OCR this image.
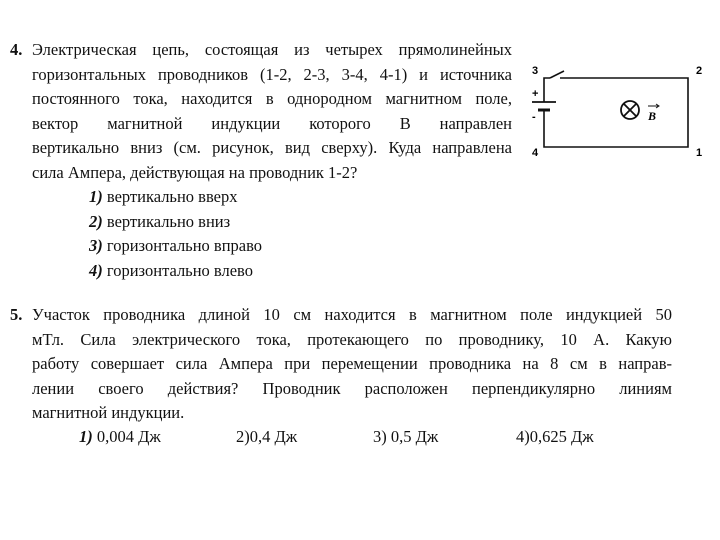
4. Электрическая цепь, состоящая из четырех прямолинейных
горизонтальных проводников (1-2, 2-3, 3-4, 4-1) и источника
постоянного тока, находится в однородном магнитном поле,
вектор магнитной индукции которого B направлен
вертикально вниз (см. рисунок, вид сверху). Куда направлена
сила Ампера, действующая на проводник 1-2?
1) вертикально вверх
2) вертикально вниз
3) горизонтально вправо
4) горизонтально влево
3	2
4	1
+
-	B
5. Участок проводника длиной 10 см находится в магнитном поле индукцией 50
мТл. Сила электрического тока, протекающего по проводнику, 10 А. Какую
работу совершает сила Ампера при перемещении проводника на 8 см в направ-
лении своего действия? Проводник расположен перпендикулярно линиям
магнитной индукции.
1) 0,004 Дж	2)0,4 Дж	3) 0,5 Дж	4)0,625 Дж
